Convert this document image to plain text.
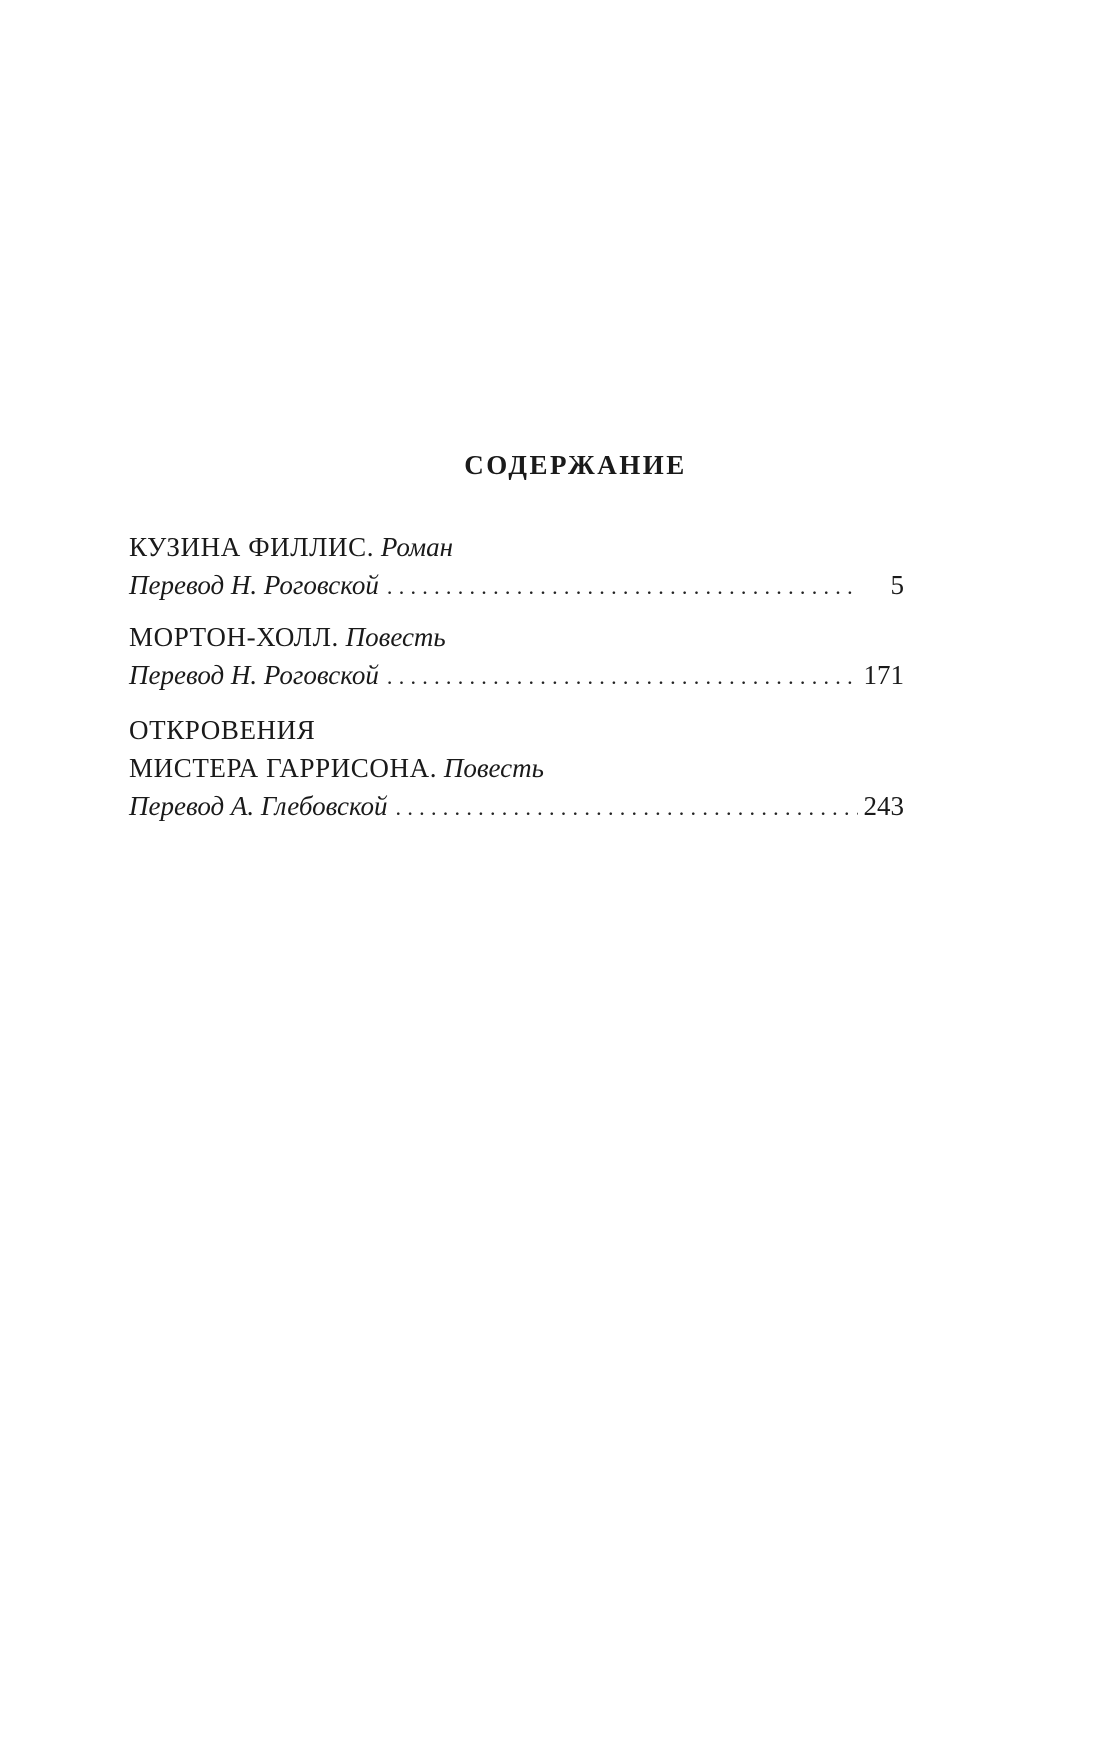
СОДЕРЖАНИЕ
КУЗИНА ФИЛЛИС. Роман
Перевод Н. Роговской . . .	5
МОРТОН-ХОЛЛ. Повесть
Перевод Н. Роговской . . .	171
ОТКРОВЕНИЯ
МИСТЕРА ГАРРИСОНА. Повесть
Перевод А. Глебовской . . .	243
